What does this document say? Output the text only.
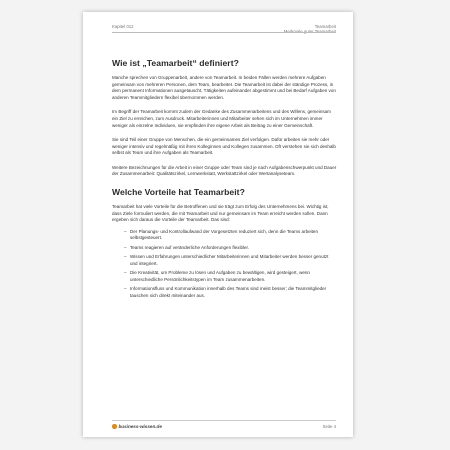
Kapitel 012	Teamarbeit
Merkmale guter Teamarbeit
Wie ist „Teamarbeit“ definiert?

Manche sprechen von Gruppenarbeit, andere von Teamarbeit. In beiden Fällen werden mehrere Aufgaben gemeinsam von mehreren Personen, dem Team, bearbeitet. Die Teamarbeit ist dabei der ständige Prozess, in dem permanent Informationen ausgetauscht, Tätigkeiten aufeinander abgestimmt und bei Bedarf Aufgaben von anderen Teammitgliedern flexibel übernommen werden.

Im Begriff der Teamarbeit kommt zudem der Gedanke des Zusammenarbeitens und des Willens, gemeinsam ein Ziel zu erreichen, zum Ausdruck. Mitarbeiterinnen und Mitarbeiter sehen sich im Unternehmen immer weniger als einzelne Individuen, sie empfinden ihre eigene Arbeit als Beitrag zu einer Gemeinschaft.

Sie sind Teil einer Gruppe von Menschen, die ein gemeinsames Ziel verfolgen. Dafür arbeiten sie mehr oder weniger intensiv und regelmäßig mit ihren Kolleginnen und Kollegen zusammen. Oft verstehen sie sich deshalb selbst als Team und ihre Aufgaben als Teamarbeit.

Weitere Bezeichnungen für die Arbeit in einer Gruppe oder Team sind je nach Aufgabenschwerpunkt und Dauer der Zusammenarbeit: Qualitätszirkel, Lernwerkstatt, Werkstattzirkel oder Wertanalyseteam.

Welche Vorteile hat Teamarbeit?

Teamarbeit hat viele Vorteile für die Betroffenen und sie trägt zum Erfolg des Unternehmens bei. Wichtig ist, dass Ziele formuliert werden, die mit Teamarbeit und nur gemeinsam im Team erreicht werden sollen. Dann ergeben sich daraus die Vorteile der Teamarbeit. Das sind:

– Der Planungs- und Kontrollaufwand der Vorgesetzten reduziert sich, denn die Teams arbeiten selbstgesteuert.
– Teams reagieren auf veränderliche Anforderungen flexibler.
– Wissen und Erfahrungen unterschiedlicher Mitarbeiterinnen und Mitarbeiter werden besser genutzt und integriert.
– Die Kreativität, um Probleme zu lösen und Aufgaben zu bewältigen, wird gesteigert, wenn unterschiedliche Persönlichkeitstypen im Team zusammenarbeiten.
– Informationsfluss und Kommunikation innerhalb des Teams sind meist besser; die Teammitglieder tauschen sich direkt miteinander aus.
business-wissen.de	Seite 4
